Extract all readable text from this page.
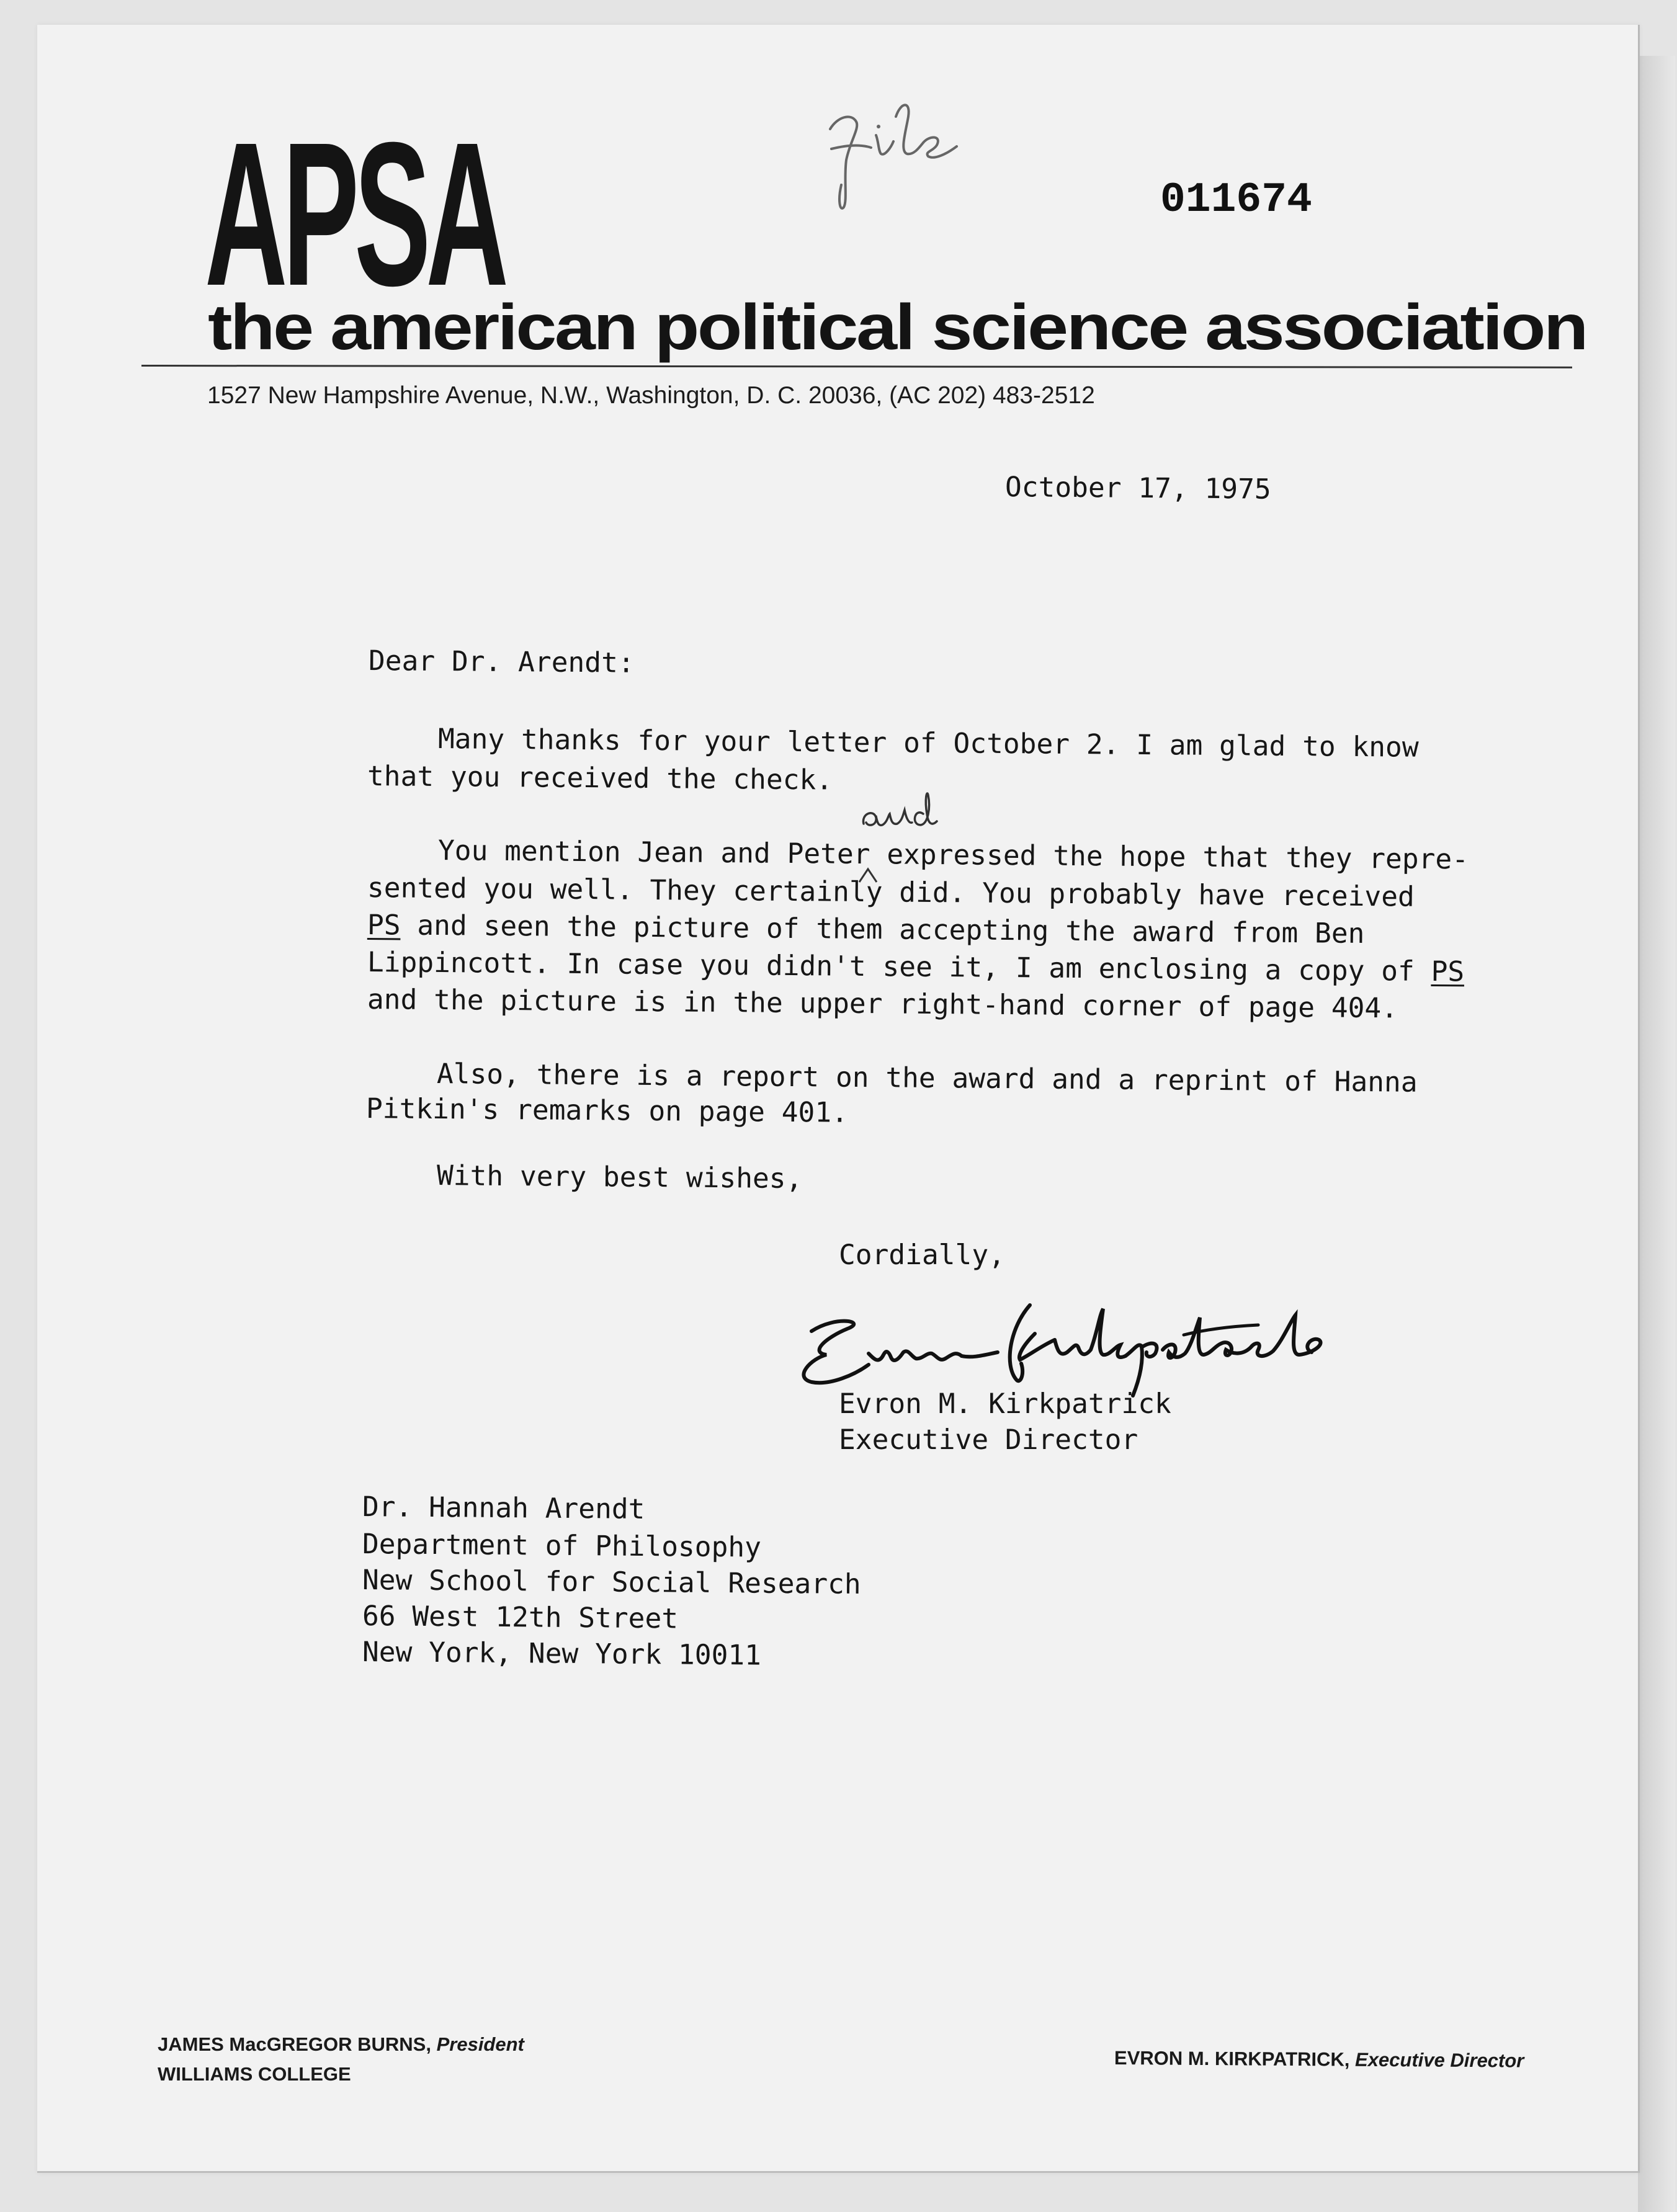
APSA
the american political science association
1527 New Hampshire Avenue, N.W., Washington, D. C. 20036, (AC 202) 483-2512
011674
October 17, 1975
Dear Dr. Arendt:
Many thanks for your letter of October 2. I am glad to know
that you received the check.
You mention Jean and Peter expressed the hope that they repre-
sented you well. They certainly did. You probably have received
PS and seen the picture of them accepting the award from Ben
Lippincott. In case you didn't see it, I am enclosing a copy of PS
and the picture is in the upper right-hand corner of page 404.
Also, there is a report on the award and a reprint of Hanna
Pitkin's remarks on page 401.
With very best wishes,
Cordially,
Evron M. Kirkpatrick
Executive Director
Dr. Hannah Arendt
Department of Philosophy
New School for Social Research
66 West 12th Street
New York, New York 10011
JAMES MacGREGOR BURNS, President
WILLIAMS COLLEGE
EVRON M. KIRKPATRICK, Executive Director
